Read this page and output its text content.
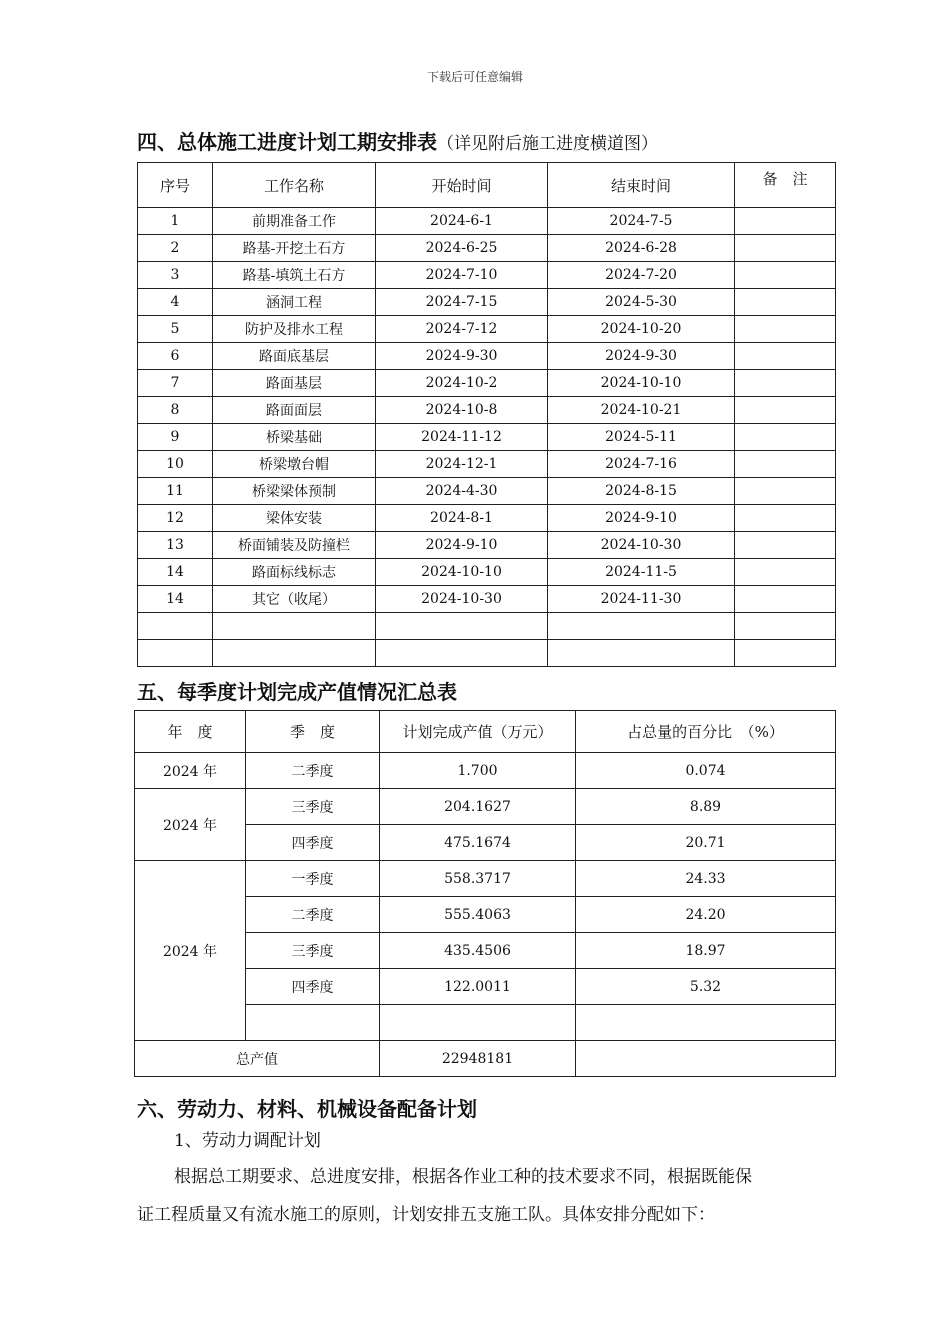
下载后可任意编辑
四、总体施工进度计划工期安排表（详见附后施工进度横道图）
序号	工作名称	开始时间	结束时间	备　注
1	前期准备工作	2024-6-1	2024-7-5	
2	路基-开挖土石方	2024-6-25	2024-6-28	
3	路基-填筑土石方	2024-7-10	2024-7-20	
4	涵洞工程	2024-7-15	2024-5-30	
5	防护及排水工程	2024-7-12	2024-10-20	
6	路面底基层	2024-9-30	2024-9-30	
7	路面基层	2024-10-2	2024-10-10	
8	路面面层	2024-10-8	2024-10-21	
9	桥梁基础	2024-11-12	2024-5-11	
10	桥梁墩台帽	2024-12-1	2024-7-16	
11	桥梁梁体预制	2024-4-30	2024-8-15	
12	梁体安装	2024-8-1	2024-9-10	
13	桥面铺装及防撞栏	2024-9-10	2024-10-30	
14	路面标线标志	2024-10-10	2024-11-5	
14	其它（收尾）	2024-10-30	2024-11-30	

五、每季度计划完成产值情况汇总表
年　度	季　度	计划完成产值（万元）	占总量的百分比　（%）
2024 年	二季度	1.700	0.074
2024 年	三季度	204.1627	8.89
	四季度	475.1674	20.71
2024 年	一季度	558.3717	24.33
	二季度	555.4063	24.20
	三季度	435.4506	18.97
	四季度	122.0011	5.32

总产值		22948181	
六、劳动力、材料、机械设备配备计划
1、劳动力调配计划
根据总工期要求、总进度安排，根据各作业工种的技术要求不同，根据既能保
证工程质量又有流水施工的原则，计划安排五支施工队。具体安排分配如下：
